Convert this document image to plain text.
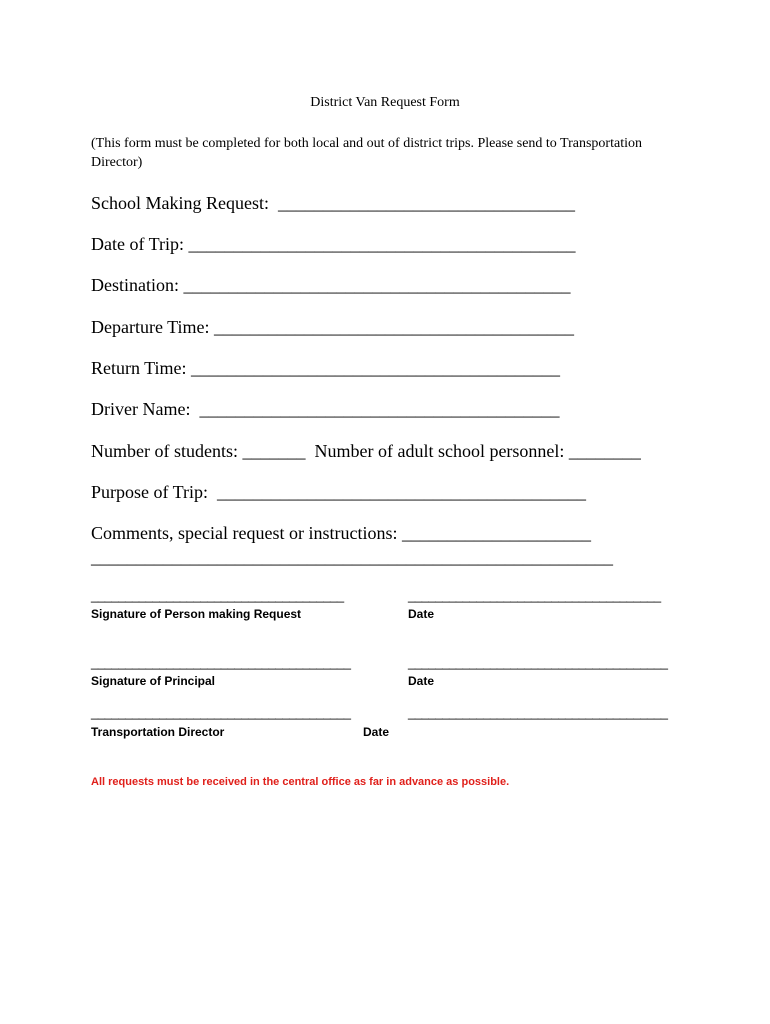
District Van Request Form
(This form must be completed for both local and out of district trips. Please send to Transportation Director)
School Making Request:  _________________________________
Date of Trip: ___________________________________________
Destination: ___________________________________________
Departure Time: ________________________________________
Return Time: _________________________________________
Driver Name:  ________________________________________
Number of students: _______  Number of adult school personnel: ________
Purpose of Trip:  _________________________________________
Comments, special request or instructions: _____________________
__________________________________________________________
_____________________________________	_____________________________________
Signature of Person making Request	Date
______________________________________	______________________________________
Signature of Principal	Date
______________________________________	______________________________________
Transportation Director	Date
All requests must be received in the central office as far in advance as possible.
